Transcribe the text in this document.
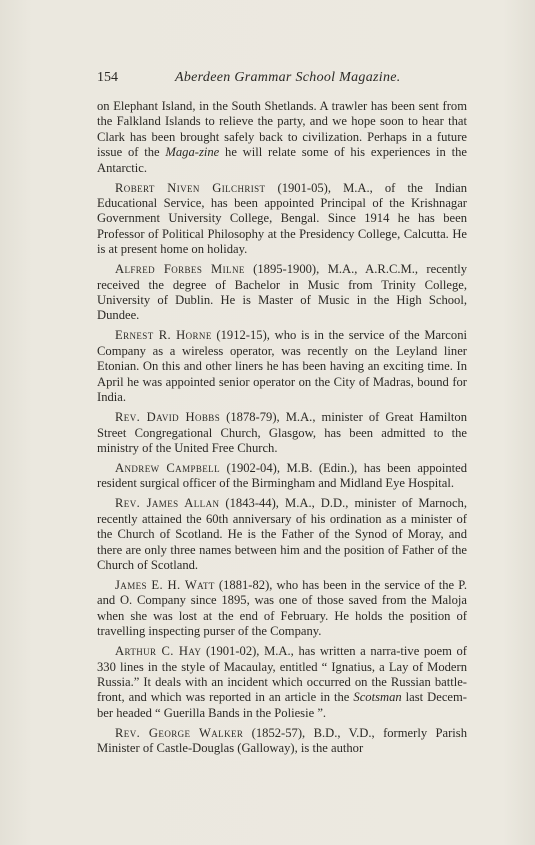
154	Aberdeen Grammar School Magazine.

on Elephant Island, in the South Shetlands. A trawler has been sent from the Falkland Islands to relieve the party, and we hope soon to hear that Clark has been brought safely back to civilization. Perhaps in a future issue of the Maga-zine he will relate some of his experiences in the Antarctic.

Robert Niven Gilchrist (1901-05), M.A., of the Indian Educational Service, has been appointed Principal of the Krishnagar Government University College, Bengal. Since 1914 he has been Professor of Political Philosophy at the Presidency College, Calcutta. He is at present home on holiday.

Alfred Forbes Milne (1895-1900), M.A., A.R.C.M., recently received the degree of Bachelor in Music from Trinity College, University of Dublin. He is Master of Music in the High School, Dundee.

Ernest R. Horne (1912-15), who is in the service of the Marconi Company as a wireless operator, was recently on the Leyland liner Etonian. On this and other liners he has been having an exciting time. In April he was appointed senior operator on the City of Madras, bound for India.

Rev. David Hobbs (1878-79), M.A., minister of Great Hamilton Street Congregational Church, Glasgow, has been admitted to the ministry of the United Free Church.

Andrew Campbell (1902-04), M.B. (Edin.), has been appointed resident surgical officer of the Birmingham and Midland Eye Hospital.

Rev. James Allan (1843-44), M.A., D.D., minister of Marnoch, recently attained the 60th anniversary of his ordination as a minister of the Church of Scotland. He is the Father of the Synod of Moray, and there are only three names between him and the position of Father of the Church of Scotland.

James E. H. Watt (1881-82), who has been in the service of the P. and O. Company since 1895, was one of those saved from the Maloja when she was lost at the end of February. He holds the position of travelling inspecting purser of the Company.

Arthur C. Hay (1901-02), M.A., has written a narra-tive poem of 330 lines in the style of Macaulay, entitled “ Ignatius, a Lay of Modern Russia.” It deals with an incident which occurred on the Russian battle-front, and which was reported in an article in the Scotsman last Decem-ber headed “ Guerilla Bands in the Poliesie ”.

Rev. George Walker (1852-57), B.D., V.D., formerly Parish Minister of Castle-Douglas (Galloway), is the author
